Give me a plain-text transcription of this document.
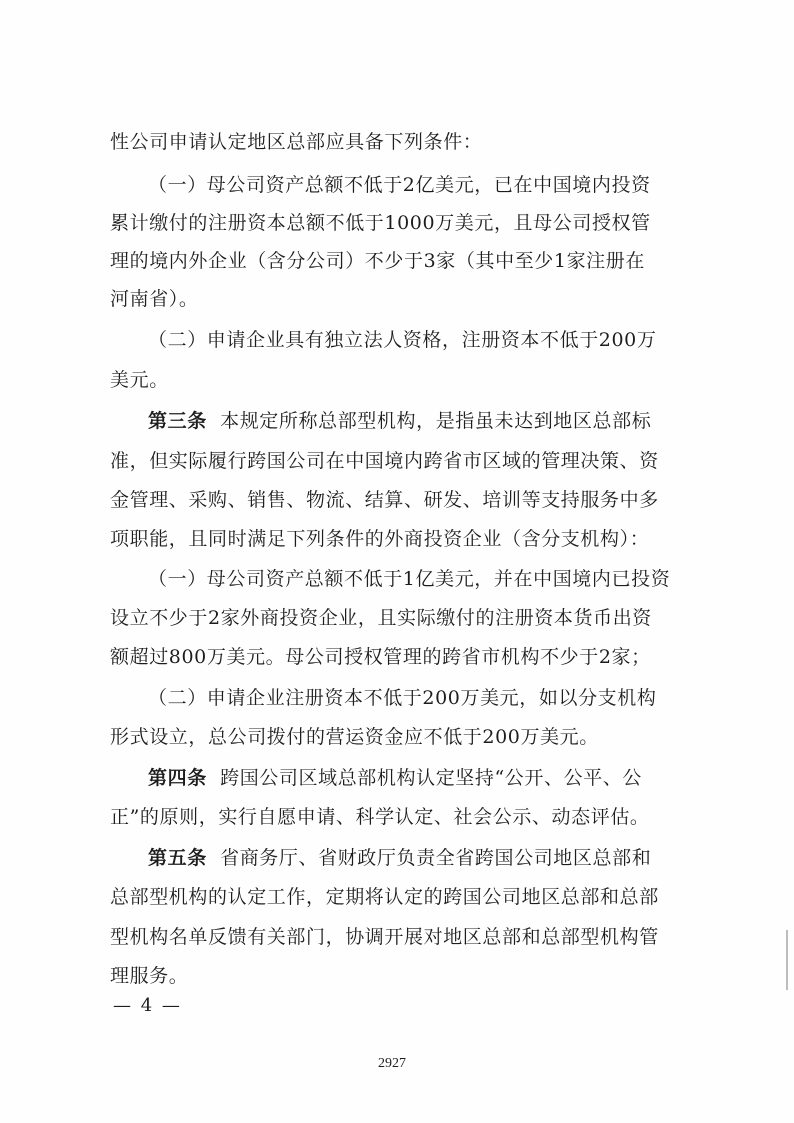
性公司申请认定地区总部应具备下列条件：
（一）母公司资产总额不低于2亿美元，已在中国境内投资
累计缴付的注册资本总额不低于1000万美元，且母公司授权管
理的境内外企业（含分公司）不少于3家（其中至少1家注册在
河南省）。
（二）申请企业具有独立法人资格，注册资本不低于200万
美元。
第三条 本规定所称总部型机构，是指虽未达到地区总部标
准，但实际履行跨国公司在中国境内跨省市区域的管理决策、资
金管理、采购、销售、物流、结算、研发、培训等支持服务中多
项职能，且同时满足下列条件的外商投资企业（含分支机构）：
（一）母公司资产总额不低于1亿美元，并在中国境内已投资
设立不少于2家外商投资企业，且实际缴付的注册资本货币出资
额超过800万美元。母公司授权管理的跨省市机构不少于2家；
（二）申请企业注册资本不低于200万美元，如以分支机构
形式设立，总公司拨付的营运资金应不低于200万美元。
第四条 跨国公司区域总部机构认定坚持“公开、公平、公
正”的原则，实行自愿申请、科学认定、社会公示、动态评估。
第五条 省商务厅、省财政厅负责全省跨国公司地区总部和
总部型机构的认定工作，定期将认定的跨国公司地区总部和总部
型机构名单反馈有关部门，协调开展对地区总部和总部型机构管
理服务。
— 4 —
2927
